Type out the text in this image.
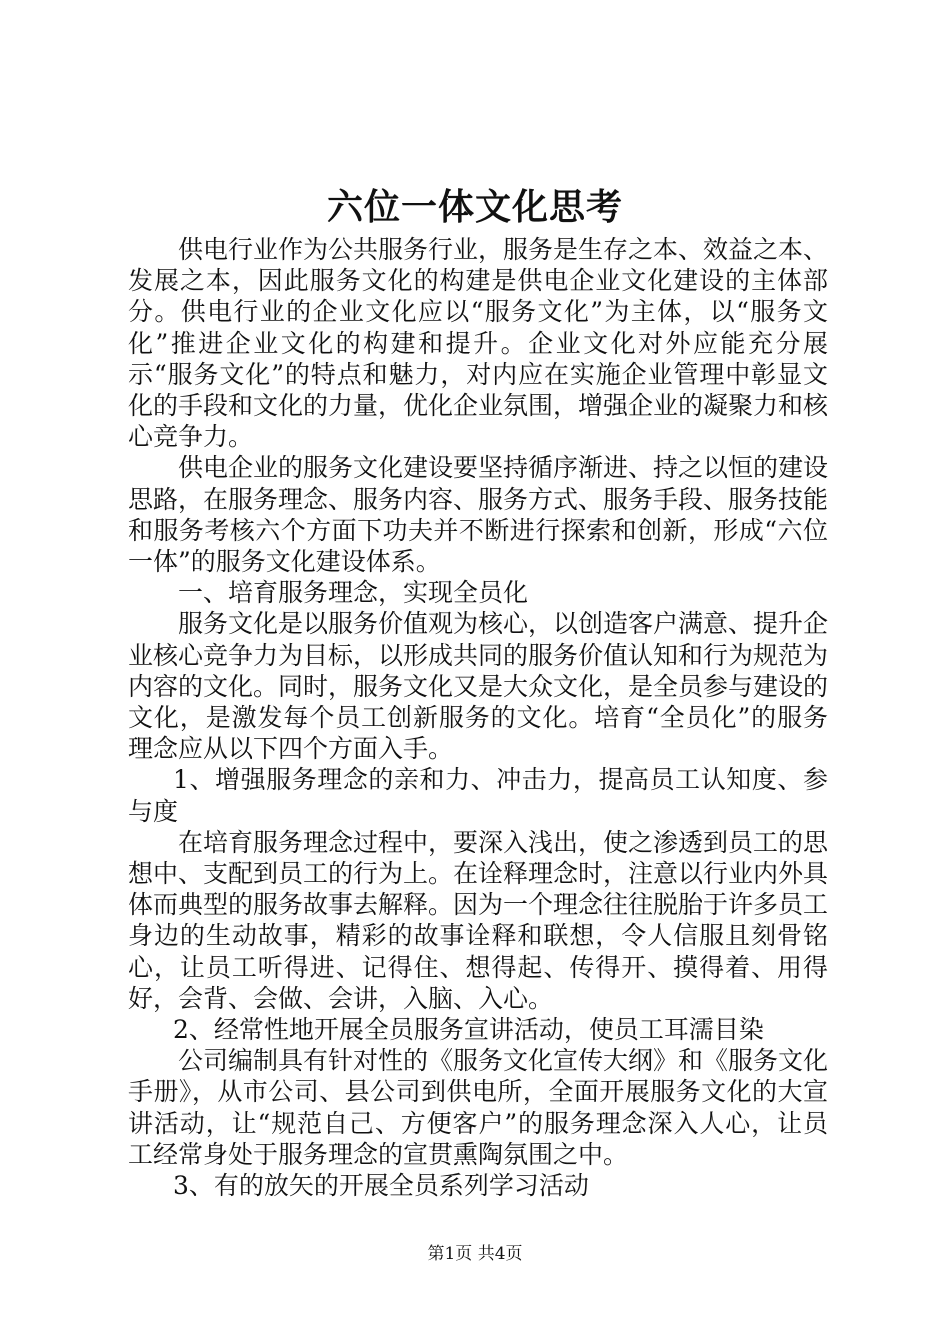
六位一体文化思考

供电行业作为公共服务行业，服务是生存之本、效益之本、发展之本，因此服务文化的构建是供电企业文化建设的主体部分。供电行业的企业文化应以“服务文化”为主体，以“服务文化”推进企业文化的构建和提升。企业文化对外应能充分展示“服务文化”的特点和魅力，对内应在实施企业管理中彰显文化的手段和文化的力量，优化企业氛围，增强企业的凝聚力和核心竞争力。

供电企业的服务文化建设要坚持循序渐进、持之以恒的建设思路，在服务理念、服务内容、服务方式、服务手段、服务技能和服务考核六个方面下功夫并不断进行探索和创新，形成“六位一体”的服务文化建设体系。

一、培育服务理念，实现全员化

服务文化是以服务价值观为核心，以创造客户满意、提升企业核心竞争力为目标，以形成共同的服务价值认知和行为规范为内容的文化。同时，服务文化又是大众文化，是全员参与建设的文化，是激发每个员工创新服务的文化。培育“全员化”的服务理念应从以下四个方面入手。

1、增强服务理念的亲和力、冲击力，提高员工认知度、参与度

在培育服务理念过程中，要深入浅出，使之渗透到员工的思想中、支配到员工的行为上。在诠释理念时，注意以行业内外具体而典型的服务故事去解释。因为一个理念往往脱胎于许多员工身边的生动故事，精彩的故事诠释和联想，令人信服且刻骨铭心，让员工听得进、记得住、想得起、传得开、摸得着、用得好，会背、会做、会讲，入脑、入心。

2、经常性地开展全员服务宣讲活动，使员工耳濡目染

公司编制具有针对性的《服务文化宣传大纲》和《服务文化手册》，从市公司、县公司到供电所，全面开展服务文化的大宣讲活动，让“规范自己、方便客户”的服务理念深入人心，让员工经常身处于服务理念的宣贯熏陶氛围之中。

3、有的放矢的开展全员系列学习活动

第1页 共4页
